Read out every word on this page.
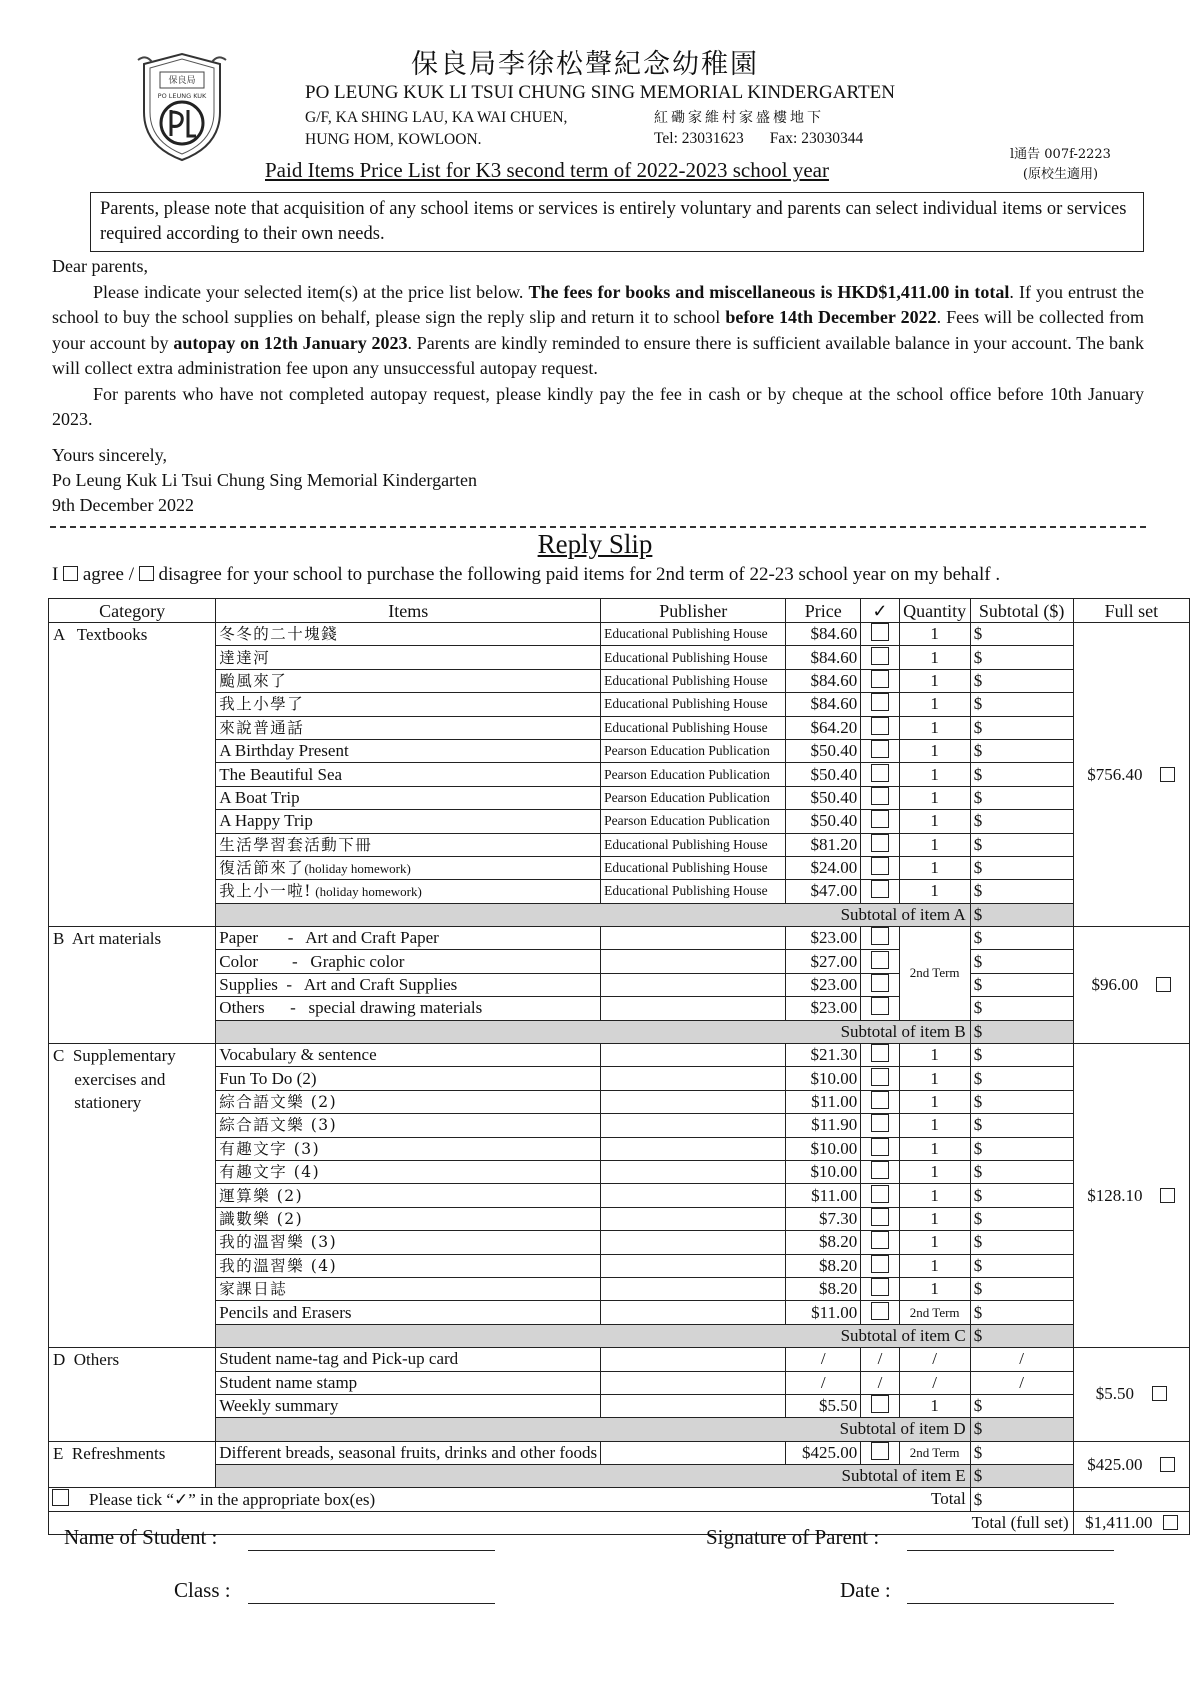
保良局
PO LEUNG KUK
保良局李徐松聲紀念幼稚園
PO LEUNG KUK LI TSUI CHUNG SING MEMORIAL KINDERGARTEN
G/F, KA SHING LAU, KA WAI CHUEN,
HUNG HOM, KOWLOON.
紅磡家維村家盛樓地下
Tel: 23031623 Fax: 23030344
l通告 007f-2223
(原校生適用)
Paid Items Price List for K3 second term of 2022-2023 school year
Parents, please note that acquisition of any school items or services is entirely voluntary and parents can select individual items or services required according to their own needs.

Dear parents,

Please indicate your selected item(s) at the price list below. The fees for books and miscellaneous is HKD$1,411.00 in total. If you entrust the school to buy the school supplies on behalf, please sign the reply slip and return it to school before 14th December 2022. Fees will be collected from your account by autopay on 12th January 2023. Parents are kindly reminded to ensure there is sufficient available balance in your account. The bank will collect extra administration fee upon any unsuccessful autopay request.

For parents who have not completed autopay request, please kindly pay the fee in cash or by cheque at the school office before 10th January 2023.

Yours sincerely,
Po Leung Kuk Li Tsui Chung Sing Memorial Kindergarten
9th December 2022
Reply Slip
I agree / disagree for your school to purchase the following paid items for 2nd term of 22-23 school year on my behalf .
Category	Items	Publisher	Price	✓	Quantity	Subtotal ($)	Full set

A   Textbooks	冬冬的二十塊錢	Educational Publishing House	$84.60		1	$	$756.40
	達達河	Educational Publishing House	$84.60		1	$	
	颱風來了	Educational Publishing House	$84.60		1	$	
	我上小學了	Educational Publishing House	$84.60		1	$	
	來說普通話	Educational Publishing House	$64.20		1	$	
	A Birthday Present	Pearson Education Publication	$50.40		1	$	
	The Beautiful Sea	Pearson Education Publication	$50.40		1	$	
	A Boat Trip	Pearson Education Publication	$50.40		1	$	
	A Happy Trip	Pearson Education Publication	$50.40		1	$	
	生活學習套活動下冊	Educational Publishing House	$81.20		1	$	
	復活節來了(holiday homework)	Educational Publishing House	$24.00		1	$	
	我上小一啦! (holiday homework)	Educational Publishing House	$47.00		1	$	
	Subtotal of item A					$	

B  Art materials	Paper       -   Art and Craft Paper		$23.00		2nd Term	$	$96.00
	Color        -   Graphic color		$27.00			$	
	Supplies  -   Art and Craft Supplies		$23.00			$	
	Others      -   special drawing materials		$23.00			$	
	Subtotal of item B					$	

C  Supplementary
exercises and
stationery	Vocabulary & sentence		$21.30		1	$	$128.10
	Fun To Do (2)		$10.00		1	$	
	綜合語文樂 (2)		$11.00		1	$	
	綜合語文樂 (3)		$11.90		1	$	
	有趣文字 (3)		$10.00		1	$	
	有趣文字 (4)		$10.00		1	$	
	運算樂 (2)		$11.00		1	$	
	識數樂 (2)		$7.30		1	$	
	我的溫習樂 (3)		$8.20		1	$	
	我的溫習樂 (4)		$8.20		1	$	
	家課日誌		$8.20		1	$	
	Pencils and Erasers		$11.00		2nd Term	$	
	Subtotal of item C					$	

D  Others	Student name-tag and Pick-up card		/	/	/	/	$5.50
	Student name stamp		/	/	/	/	
	Weekly summary		$5.50		1	$	
	Subtotal of item D					$	

E  Refreshments	Different breads, seasonal fruits, drinks and other foods		$425.00		2nd Term	$	$425.00
	Subtotal of item E					$	
Please tick “✓” in the appropriate box(es) Total						$	
Total (full set)							$1,411.00
Name of Student :	Signature of Parent :
Class :	Date :
